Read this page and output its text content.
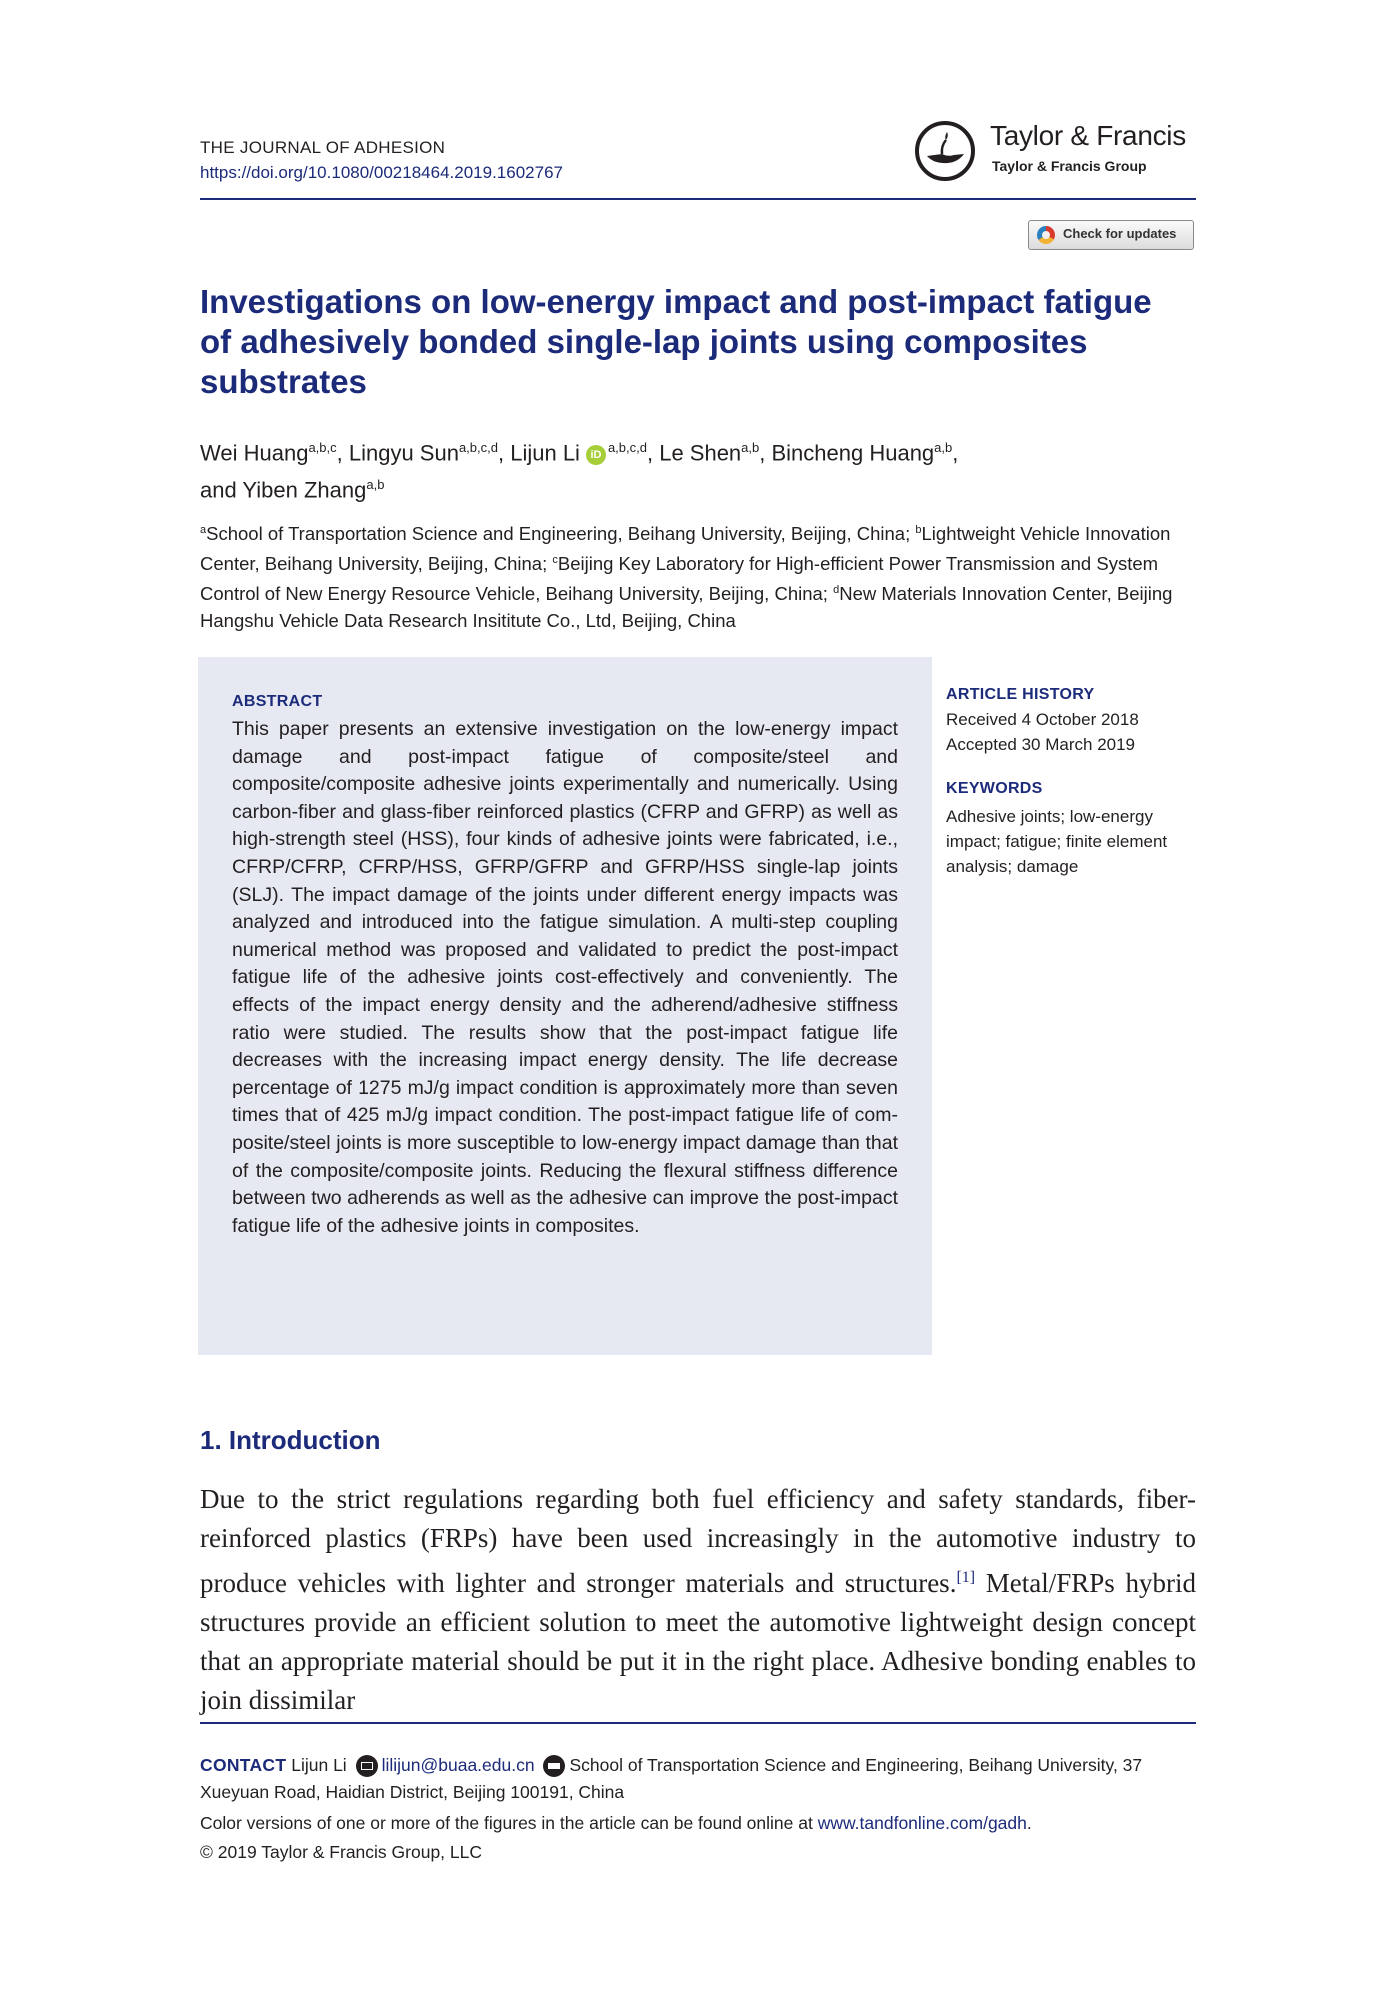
THE JOURNAL OF ADHESION
https://doi.org/10.1080/00218464.2019.1602767
Taylor & Francis
Taylor & Francis Group
Check for updates
Investigations on low-energy impact and post-impact fatigue of adhesively bonded single-lap joints using composites substrates
Wei Huang$^{a,b,c}$, Lingyu Sun$^{a,b,c,d}$, Lijun Li iD $^{a,b,c,d}$, Le Shen$^{a,b}$, Bincheng Huang$^{a,b}$,
and Yiben Zhang$^{a,b}$
$^a$School of Transportation Science and Engineering, Beihang University, Beijing, China; $^b$Lightweight Vehicle Innovation Center, Beihang University, Beijing, China; $^c$Beijing Key Laboratory for High-efficient Power Transmission and System Control of New Energy Resource Vehicle, Beihang University, Beijing, China; $^d$New Materials Innovation Center, Beijing Hangshu Vehicle Data Research Insititute Co., Ltd, Beijing, China
ABSTRACT
This paper presents an extensive investigation on the low-energy impact damage and post-impact fatigue of composite/steel and composite/composite adhesive joints experimentally and numerically. Using carbon-fiber and glass-fiber reinforced plastics (CFRP and GFRP) as well as high-strength steel (HSS), four kinds of adhesive joints were fabricated, i.e., CFRP/CFRP, CFRP/HSS, GFRP/GFRP and GFRP/HSS single-lap joints (SLJ). The impact damage of the joints under different energy impacts was analyzed and introduced into the fatigue simulation. A multi-step coupling numerical method was proposed and validated to predict the post-impact fatigue life of the adhesive joints cost-effectively and conveniently. The effects of the impact energy density and the adherend/adhesive stiffness ratio were studied. The results show that the post-impact fatigue life decreases with the increasing impact energy density. The life decrease percentage of 1275 mJ/g impact condition is approximately more than seven times that of 425 mJ/g impact condition. The post-impact fatigue life of com-posite/steel joints is more susceptible to low-energy impact damage than that of the composite/composite joints. Reducing the flexural stiffness difference between two adherends as well as the adhesive can improve the post-impact fatigue life of the adhesive joints in composites.
ARTICLE HISTORY
Received 4 October 2018
Accepted 30 March 2019
KEYWORDS
Adhesive joints; low-energy impact; fatigue; finite element analysis; damage
1. Introduction
Due to the strict regulations regarding both fuel efficiency and safety standards, fiber-reinforced plastics (FRPs) have been used increasingly in the automotive industry to produce vehicles with lighter and stronger materials and structures.[1] Metal/FRPs hybrid structures provide an efficient solution to meet the automotive lightweight design concept that an appropriate material should be put it in the right place. Adhesive bonding enables to join dissimilar
CONTACT Lijun Li lilijun@buaa.edu.cn School of Transportation Science and Engineering, Beihang University, 37 Xueyuan Road, Haidian District, Beijing 100191, China
Color versions of one or more of the figures in the article can be found online at www.tandfonline.com/gadh.
© 2019 Taylor & Francis Group, LLC
